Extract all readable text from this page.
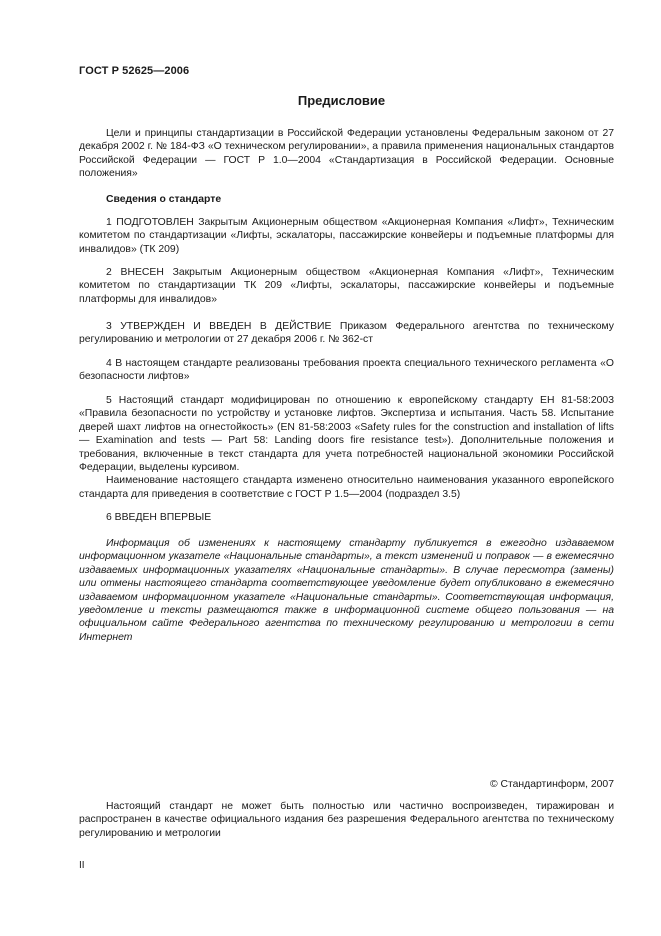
ГОСТ Р 52625—2006
Предисловие

Цели и принципы стандартизации в Российской Федерации установлены Федеральным законом от 27 декабря 2002 г. № 184-ФЗ «О техническом регулировании», а правила применения национальных стандартов Российской Федерации — ГОСТ Р 1.0—2004 «Стандартизация в Российской Федерации. Основные положения»

Сведения о стандарте

1 ПОДГОТОВЛЕН Закрытым Акционерным обществом «Акционерная Компания «Лифт», Техническим комитетом по стандартизации «Лифты, эскалаторы, пассажирские конвейеры и подъемные платформы для инвалидов» (ТК 209)

2 ВНЕСЕН Закрытым Акционерным обществом «Акционерная Компания «Лифт», Техническим комитетом по стандартизации ТК 209 «Лифты, эскалаторы, пассажирские конвейеры и подъемные платформы для инвалидов»

3 УТВЕРЖДЕН И ВВЕДЕН В ДЕЙСТВИЕ Приказом Федерального агентства по техническому регулированию и метрологии от 27 декабря 2006 г. № 362-ст

4 В настоящем стандарте реализованы требования проекта специального технического регламента «О безопасности лифтов»

5 Настоящий стандарт модифицирован по отношению к европейскому стандарту ЕН 81-58:2003 «Правила безопасности по устройству и установке лифтов. Экспертиза и испытания. Часть 58. Испытание дверей шахт лифтов на огнестойкость» (EN 81-58:2003 «Safety rules for the construction and installation of lifts — Examination and tests — Part 58: Landing doors fire resistance test»). Дополнительные положения и требования, включенные в текст стандарта для учета потребностей национальной экономики Российской Федерации, выделены курсивом.

Наименование настоящего стандарта изменено относительно наименования указанного европейского стандарта для приведения в соответствие с ГОСТ Р 1.5—2004 (подраздел 3.5)

6 ВВЕДЕН ВПЕРВЫЕ

Информация об изменениях к настоящему стандарту публикуется в ежегодно издаваемом информационном указателе «Национальные стандарты», а текст изменений и поправок — в ежемесячно издаваемых информационных указателях «Национальные стандарты». В случае пересмотра (замены) или отмены настоящего стандарта соответствующее уведомление будет опубликовано в ежемесячно издаваемом информационном указателе «Национальные стандарты». Соответствующая информация, уведомление и тексты размещаются также в информационной системе общего пользования — на официальном сайте Федерального агентства по техническому регулированию и метрологии в сети Интернет

© Стандартинформ, 2007

Настоящий стандарт не может быть полностью или частично воспроизведен, тиражирован и распространен в качестве официального издания без разрешения Федерального агентства по техническому регулированию и метрологии

II
